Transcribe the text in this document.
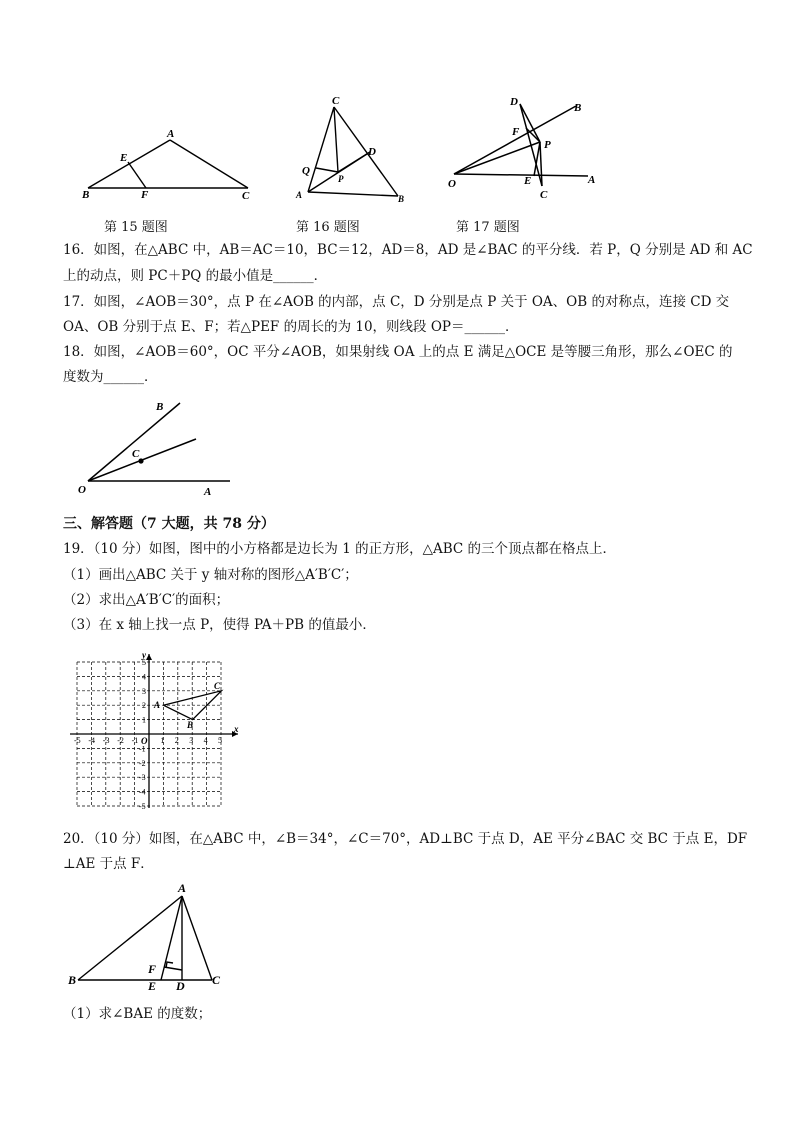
A
B	C
E
F
第 15 题图
C
D
Q
P
A	B
第 16 题图
D	B
F
P
O	E	A
C
第 17 题图
16．如图，在△ABC 中，AB＝AC＝10，BC＝12，AD＝8，AD 是∠BAC 的平分线．若 P，Q 分别是 AD 和 AC
上的动点，则 PC＋PQ 的最小值是______．
17．如图，∠AOB＝30°，点 P 在∠AOB 的内部，点 C，D 分别是点 P 关于 OA、OB 的对称点，连接 CD 交
OA、OB 分别于点 E、F；若△PEF 的周长的为 10，则线段 OP＝______．
18．如图，∠AOB＝60°，OC 平分∠AOB，如果射线 OA 上的点 E 满足△OCE 是等腰三角形，那么∠OEC 的
度数为______．
B
C
O	A
三、解答题（7 大题，共 78 分）
19．（10 分）如图，图中的小方格都是边长为 1 的正方形，△ABC 的三个顶点都在格点上．
（1）画出△ABC 关于 y 轴对称的图形△A′B′C′；
（2）求出△A′B′C′的面积；
（3）在 x 轴上找一点 P，使得 PA＋PB 的值最小．
-5 -4 -3 -2 -1	1 2 3 4 5
5
4
3
2
1
-1
-2
-3
-4
-5
x
y
O
A
B
C
20．（10 分）如图，在△ABC 中，∠B＝34°，∠C＝70°，AD⊥BC 于点 D，AE 平分∠BAC 交 BC 于点 E，DF
⊥AE 于点 F．
A
B	C
F
E D
（1）求∠BAE 的度数；
